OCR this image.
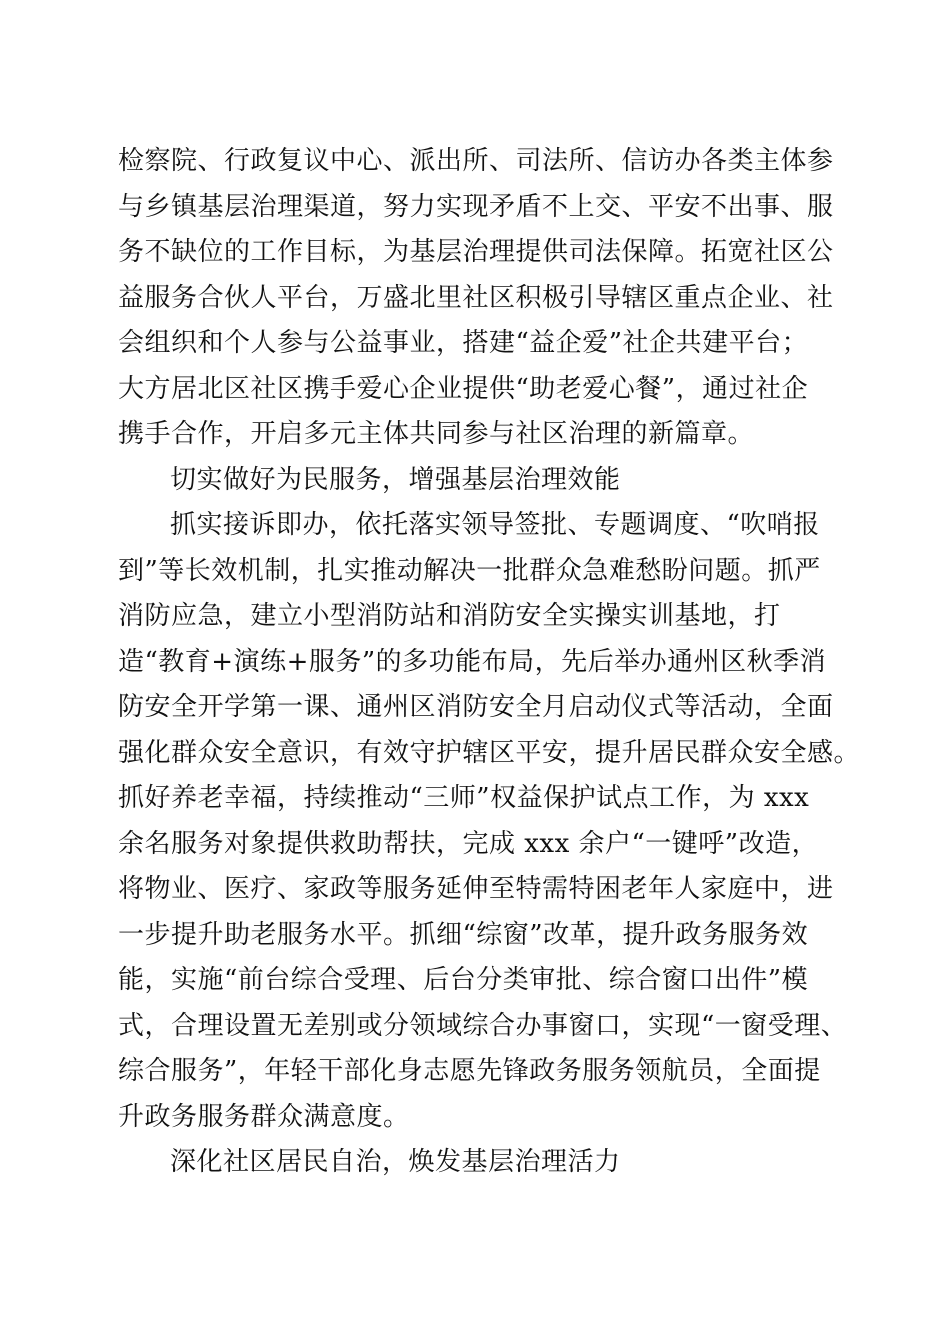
检察院、行政复议中心、派出所、司法所、信访办各类主体参
与乡镇基层治理渠道，努力实现矛盾不上交、平安不出事、服
务不缺位的工作目标，为基层治理提供司法保障。拓宽社区公
益服务合伙人平台，万盛北里社区积极引导辖区重点企业、社
会组织和个人参与公益事业，搭建“益企爱”社企共建平台；
大方居北区社区携手爱心企业提供“助老爱心餐”，通过社企
携手合作，开启多元主体共同参与社区治理的新篇章。
切实做好为民服务，增强基层治理效能
抓实接诉即办，依托落实领导签批、专题调度、“吹哨报
到”等长效机制，扎实推动解决一批群众急难愁盼问题。抓严
消防应急，建立小型消防站和消防安全实操实训基地，打
造“教育+演练+服务”的多功能布局，先后举办通州区秋季消
防安全开学第一课、通州区消防安全月启动仪式等活动，全面
强化群众安全意识，有效守护辖区平安，提升居民群众安全感。
抓好养老幸福，持续推动“三师”权益保护试点工作，为 xxx
余名服务对象提供救助帮扶，完成 xxx 余户“一键呼”改造，
将物业、医疗、家政等服务延伸至特需特困老年人家庭中，进
一步提升助老服务水平。抓细“综窗”改革，提升政务服务效
能，实施“前台综合受理、后台分类审批、综合窗口出件”模
式，合理设置无差别或分领域综合办事窗口，实现“一窗受理、
综合服务”，年轻干部化身志愿先锋政务服务领航员，全面提
升政务服务群众满意度。
深化社区居民自治，焕发基层治理活力
